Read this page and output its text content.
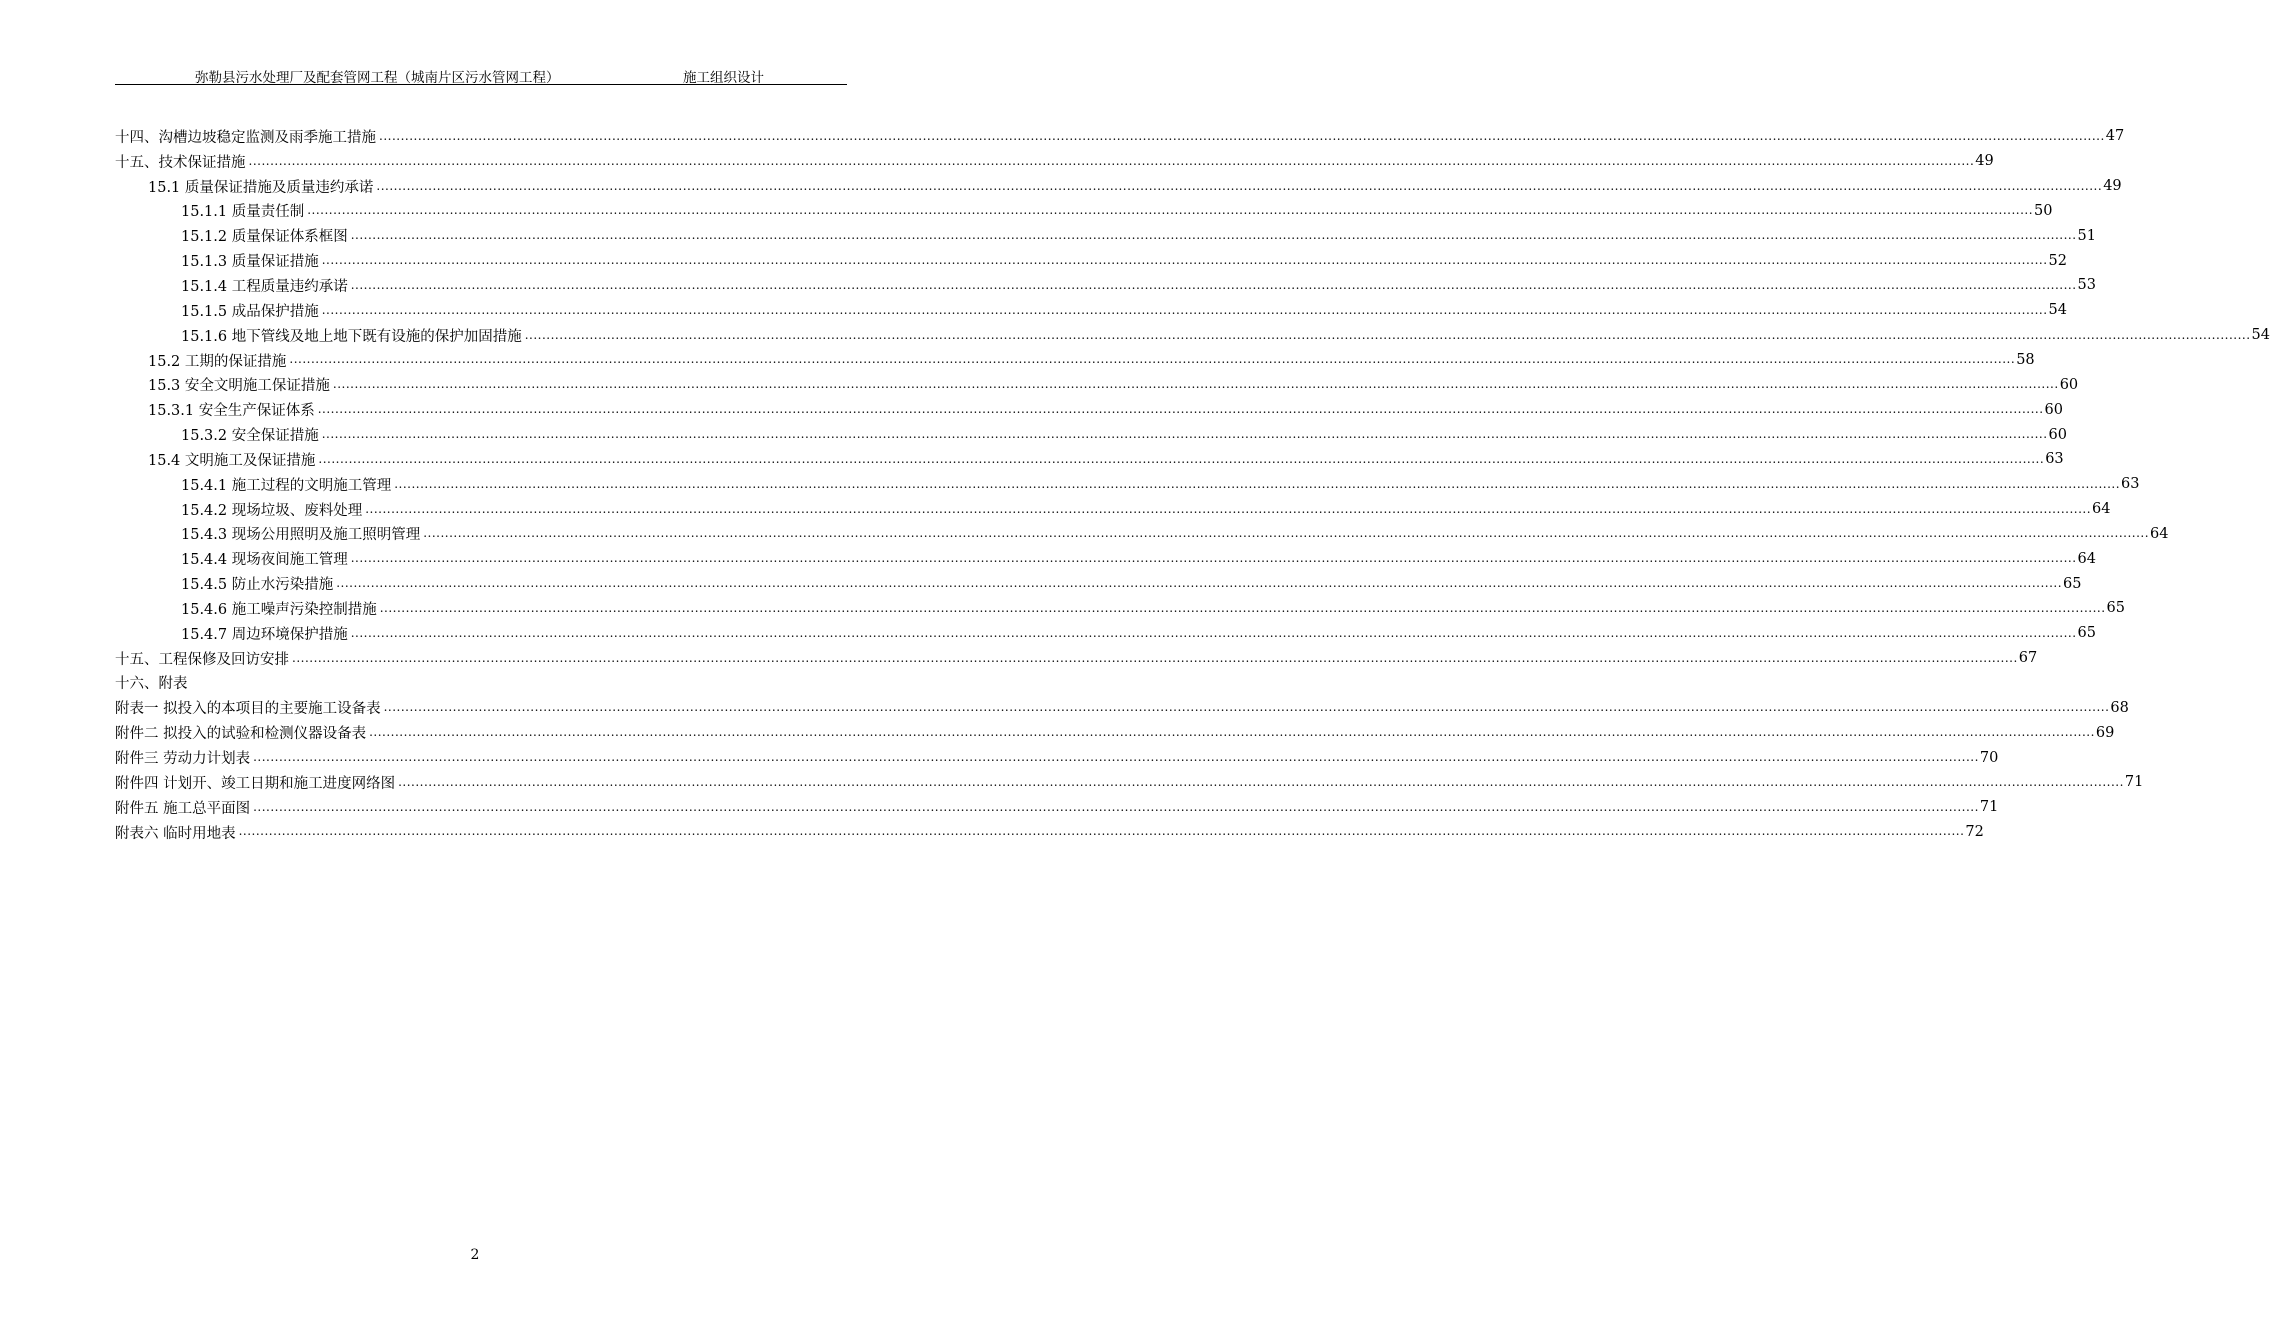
弥勒县污水处理厂及配套管网工程（城南片区污水管网工程）	施工组织设计
十四、沟槽边坡稳定监测及雨季施工措施 ................................................................................................................................................................................................................................................................................................................................................................................................................ 47
十五、技术保证措施 ................................................................................................................................................................................................................................................................................................................................................................................................................ 49
15.1 质量保证措施及质量违约承诺 ................................................................................................................................................................................................................................................................................................................................................................................................................ 49
15.1.1 质量责任制 ................................................................................................................................................................................................................................................................................................................................................................................................................ 50
15.1.2 质量保证体系框图 ................................................................................................................................................................................................................................................................................................................................................................................................................ 51
15.1.3 质量保证措施 ................................................................................................................................................................................................................................................................................................................................................................................................................ 52
15.1.4 工程质量违约承诺 ................................................................................................................................................................................................................................................................................................................................................................................................................ 53
15.1.5 成品保护措施 ................................................................................................................................................................................................................................................................................................................................................................................................................ 54
15.1.6 地下管线及地上地下既有设施的保护加固措施 ................................................................................................................................................................................................................................................................................................................................................................................................................ 54
15.2 工期的保证措施 ................................................................................................................................................................................................................................................................................................................................................................................................................ 58
15.3 安全文明施工保证措施 ................................................................................................................................................................................................................................................................................................................................................................................................................ 60
15.3.1 安全生产保证体系 ................................................................................................................................................................................................................................................................................................................................................................................................................ 60
15.3.2 安全保证措施 ................................................................................................................................................................................................................................................................................................................................................................................................................ 60
15.4 文明施工及保证措施 ................................................................................................................................................................................................................................................................................................................................................................................................................ 63
15.4.1 施工过程的文明施工管理 ................................................................................................................................................................................................................................................................................................................................................................................................................ 63
15.4.2 现场垃圾、废料处理 ................................................................................................................................................................................................................................................................................................................................................................................................................ 64
15.4.3 现场公用照明及施工照明管理 ................................................................................................................................................................................................................................................................................................................................................................................................................ 64
15.4.4 现场夜间施工管理 ................................................................................................................................................................................................................................................................................................................................................................................................................ 64
15.4.5 防止水污染措施 ................................................................................................................................................................................................................................................................................................................................................................................................................ 65
15.4.6 施工噪声污染控制措施 ................................................................................................................................................................................................................................................................................................................................................................................................................ 65
15.4.7 周边环境保护措施 ................................................................................................................................................................................................................................................................................................................................................................................................................ 65
十五、工程保修及回访安排 ................................................................................................................................................................................................................................................................................................................................................................................................................ 67
十六、附表
附表一 拟投入的本项目的主要施工设备表 ................................................................................................................................................................................................................................................................................................................................................................................................................ 68
附件二 拟投入的试验和检测仪器设备表 ................................................................................................................................................................................................................................................................................................................................................................................................................ 69
附件三 劳动力计划表 ................................................................................................................................................................................................................................................................................................................................................................................................................ 70
附件四 计划开、竣工日期和施工进度网络图 ................................................................................................................................................................................................................................................................................................................................................................................................................ 71
附件五 施工总平面图 ................................................................................................................................................................................................................................................................................................................................................................................................................ 71
附表六 临时用地表 ................................................................................................................................................................................................................................................................................................................................................................................................................ 72
2
